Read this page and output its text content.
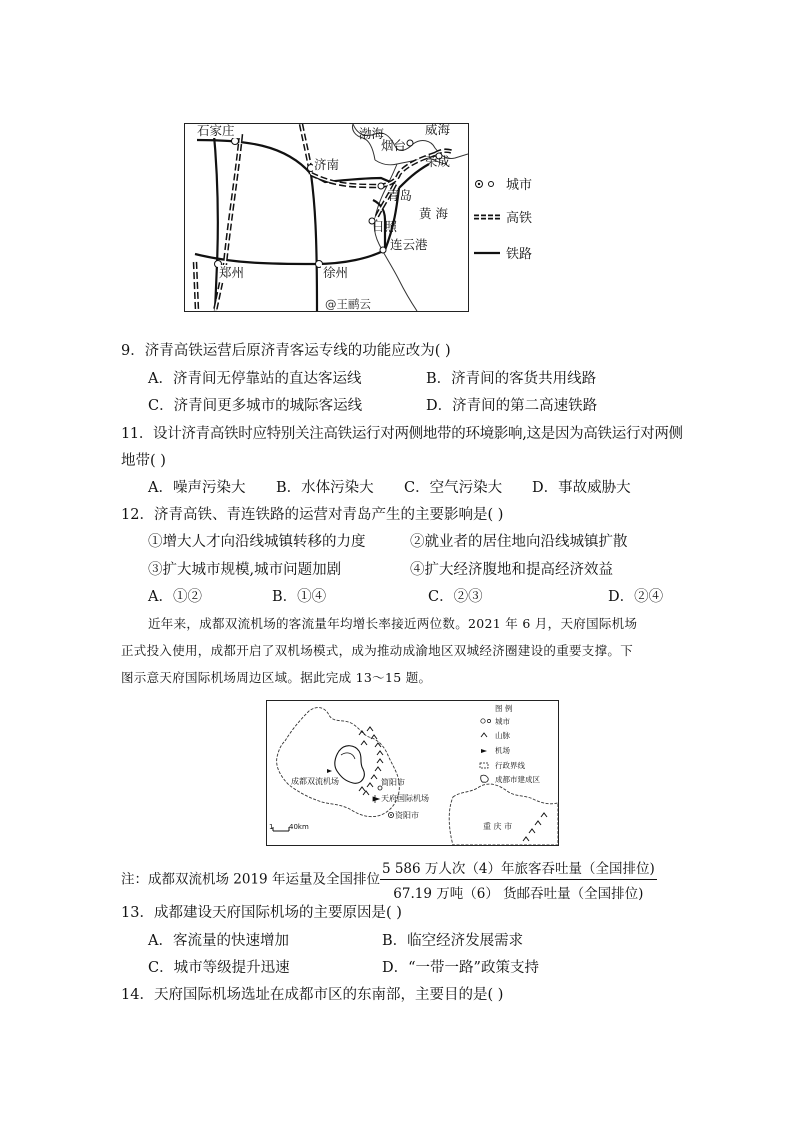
石家庄
济南
渤海
烟台
威海
荣成
青岛
黄 海
日照
连云港
郑州	徐州
@王鹂云
城市
高铁
铁路
9．济青高铁运营后原济青客运专线的功能应改为( )
A．济青间无停靠站的直达客运线	B．济青间的客货共用线路
C．济青间更多城市的城际客运线	D．济青间的第二高速铁路
11．设计济青高铁时应特别关注高铁运行对两侧地带的环境影响,这是因为高铁运行对两侧
地带( )
A．噪声污染大 B．水体污染大 C．空气污染大 D．事故威胁大
12．济青高铁、青连铁路的运营对青岛产生的主要影响是( )
①增大人才向沿线城镇转移的力度	②就业者的居住地向沿线城镇扩散
③扩大城市规模,城市问题加剧	④扩大经济腹地和提高经济效益
A．①②	B．①④	C．②③	D．②④
近年来，成都双流机场的客流量年均增长率接近两位数。2021 年 6 月，天府国际机场
正式投入使用，成都开启了双机场模式，成为推动成渝地区双城经济圈建设的重要支撑。下
图示意天府国际机场周边区域。据此完成 13～15 题。
成都双流机场	简阳市
天府国际机场
资阳市
重 庆 市
1 40km
图 例
城市
山脉
机场
行政界线
成都市建成区
注：成都双流机场 2019 年运量及全国排位 $\frac{\text{5 586 万人次（4）年旅客吞吐量（全国排位)}}{\text{67.19 万吨（6） 货邮吞吐量（全国排位)}}$
13．成都建设天府国际机场的主要原因是( )
A．客流量的快速增加	B．临空经济发展需求
C．城市等级提升迅速	D．“一带一路”政策支持
14．天府国际机场选址在成都市区的东南部，主要目的是( )
